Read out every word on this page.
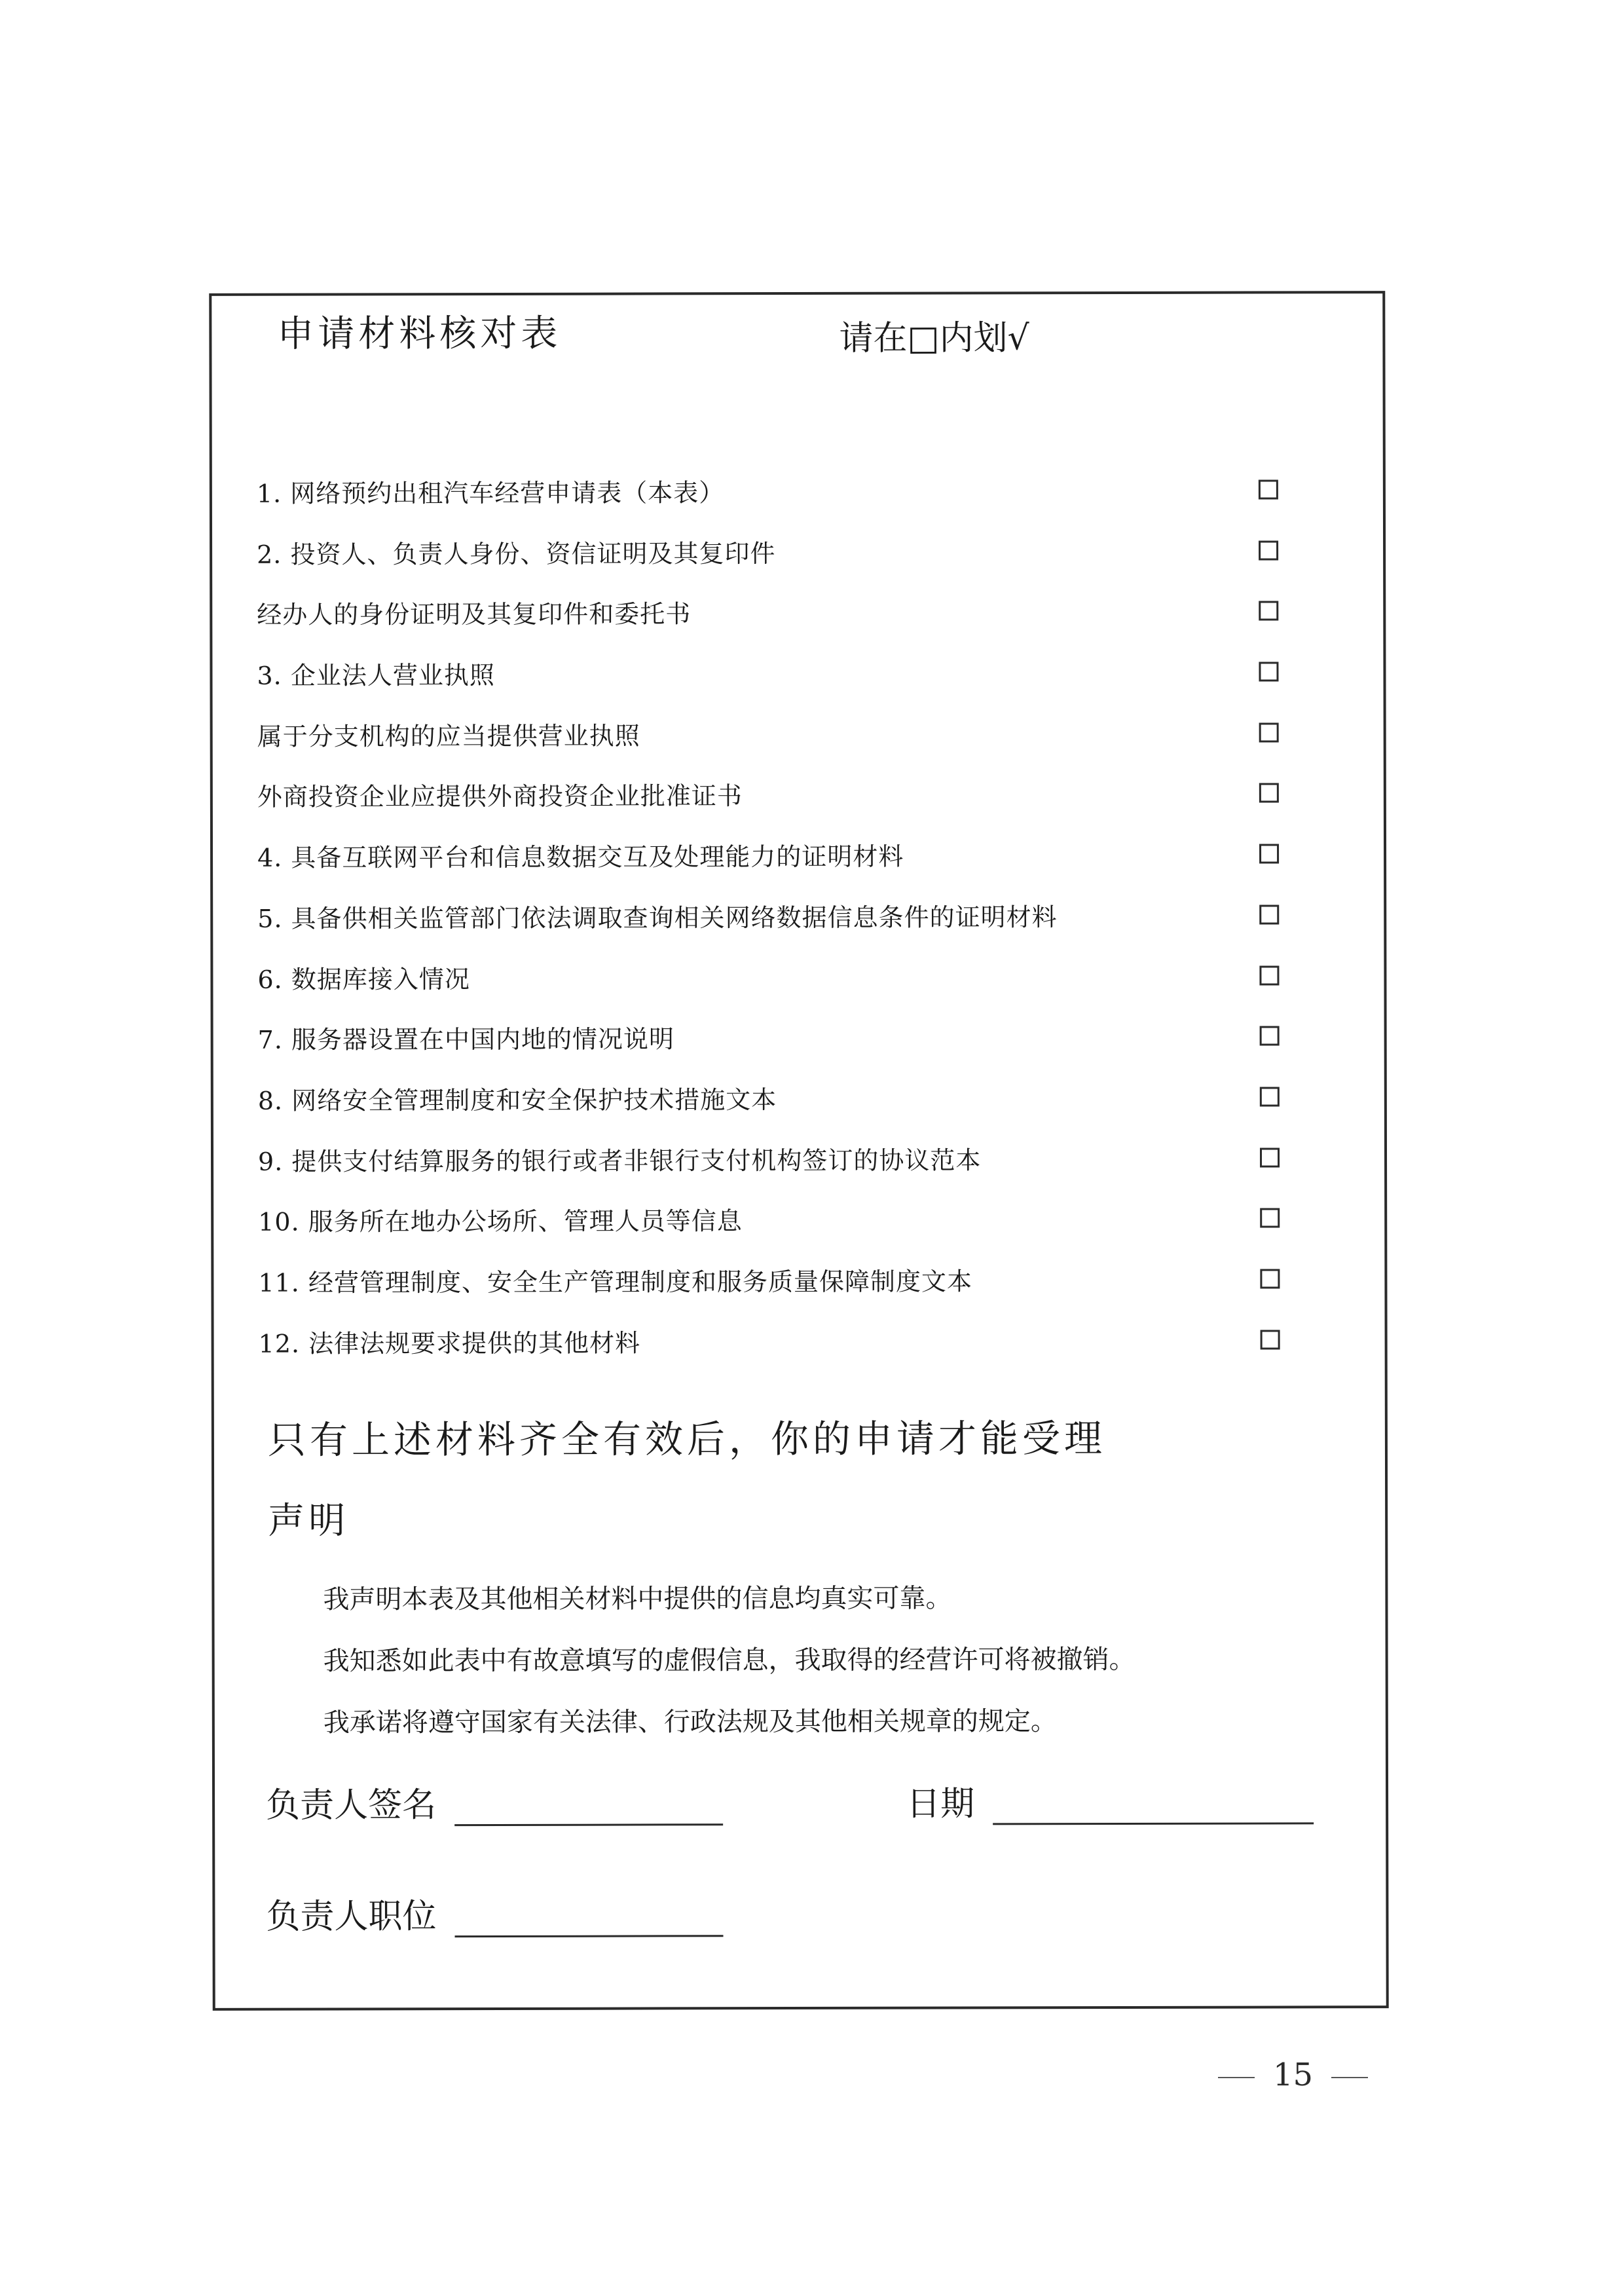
申请材料核对表	请在□内划√

1. 网络预约出租汽车经营申请表（本表）
2. 投资人、负责人身份、资信证明及其复印件
经办人的身份证明及其复印件和委托书
3. 企业法人营业执照
属于分支机构的应当提供营业执照
外商投资企业应提供外商投资企业批准证书
4. 具备互联网平台和信息数据交互及处理能力的证明材料
5. 具备供相关监管部门依法调取查询相关网络数据信息条件的证明材料
6. 数据库接入情况
7. 服务器设置在中国内地的情况说明
8. 网络安全管理制度和安全保护技术措施文本
9. 提供支付结算服务的银行或者非银行支付机构签订的协议范本
10. 服务所在地办公场所、管理人员等信息
11. 经营管理制度、安全生产管理制度和服务质量保障制度文本
12. 法律法规要求提供的其他材料

只有上述材料齐全有效后，你的申请才能受理

声明

我声明本表及其他相关材料中提供的信息均真实可靠。

我知悉如此表中有故意填写的虚假信息，我取得的经营许可将被撤销。

我承诺将遵守国家有关法律、行政法规及其他相关规章的规定。

负责人签名	日期
负责人职位
15
